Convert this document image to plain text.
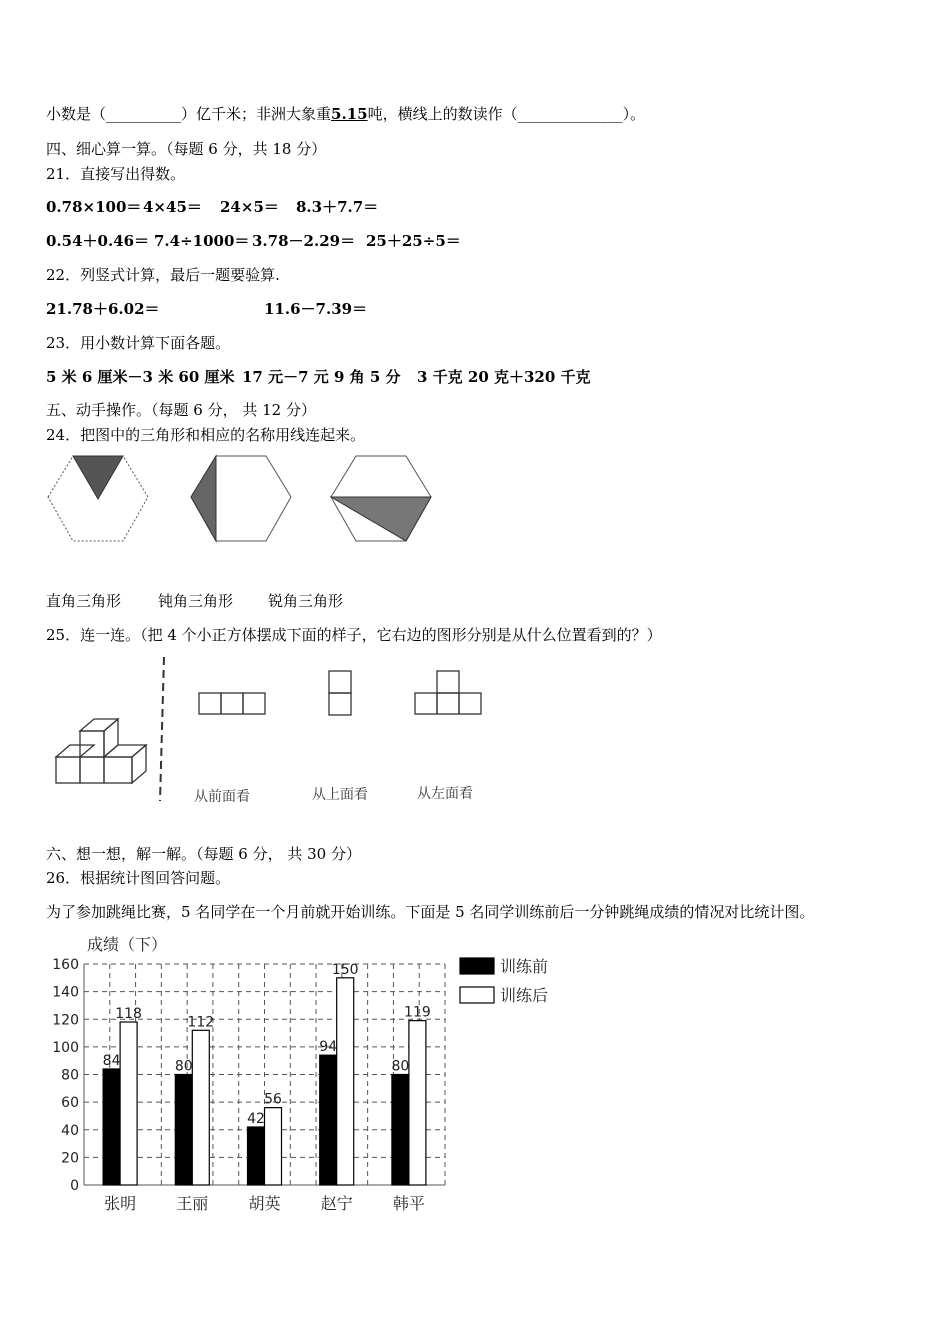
小数是（__________）亿千米；非洲大象重5.15吨，横线上的数读作（______________）。
四、细心算一算。（每题 6 分，共 18 分）
21．直接写出得数。
0.78×100＝ 4×45＝ 24×5＝ 8.3＋7.7＝
0.54＋0.46＝ 7.4÷1000＝ 3.78－2.29＝ 25＋25÷5＝
22．列竖式计算，最后一题要验算.
21.78＋6.02＝	11.6－7.39＝
23．用小数计算下面各题。
5 米 6 厘米－3 米 60 厘米 17 元－7 元 9 角 5 分 3 千克 20 克＋320 千克
五、动手操作。（每题 6 分， 共 12 分）
24．把图中的三角形和相应的名称用线连起来。
直角三角形 钝角三角形 锐角三角形
25．连一连。（把 4 个小正方体摆成下面的样子，它右边的图形分别是从什么位置看到的？）
从前面看	从上面看	从左面看
六、想一想，解一解。（每题 6 分， 共 30 分）
26．根据统计图回答问题。
为了参加跳绳比赛，5 名同学在一个月前就开始训练。下面是 5 名同学训练前后一分钟跳绳成绩的情况对比统计图。
成绩（下）
0
20
40
60
80
100
120
140
160
84
118
80
112
42
56
94
150
80
119
张明	王丽	胡英	赵宁	韩平
训练前
训练后
